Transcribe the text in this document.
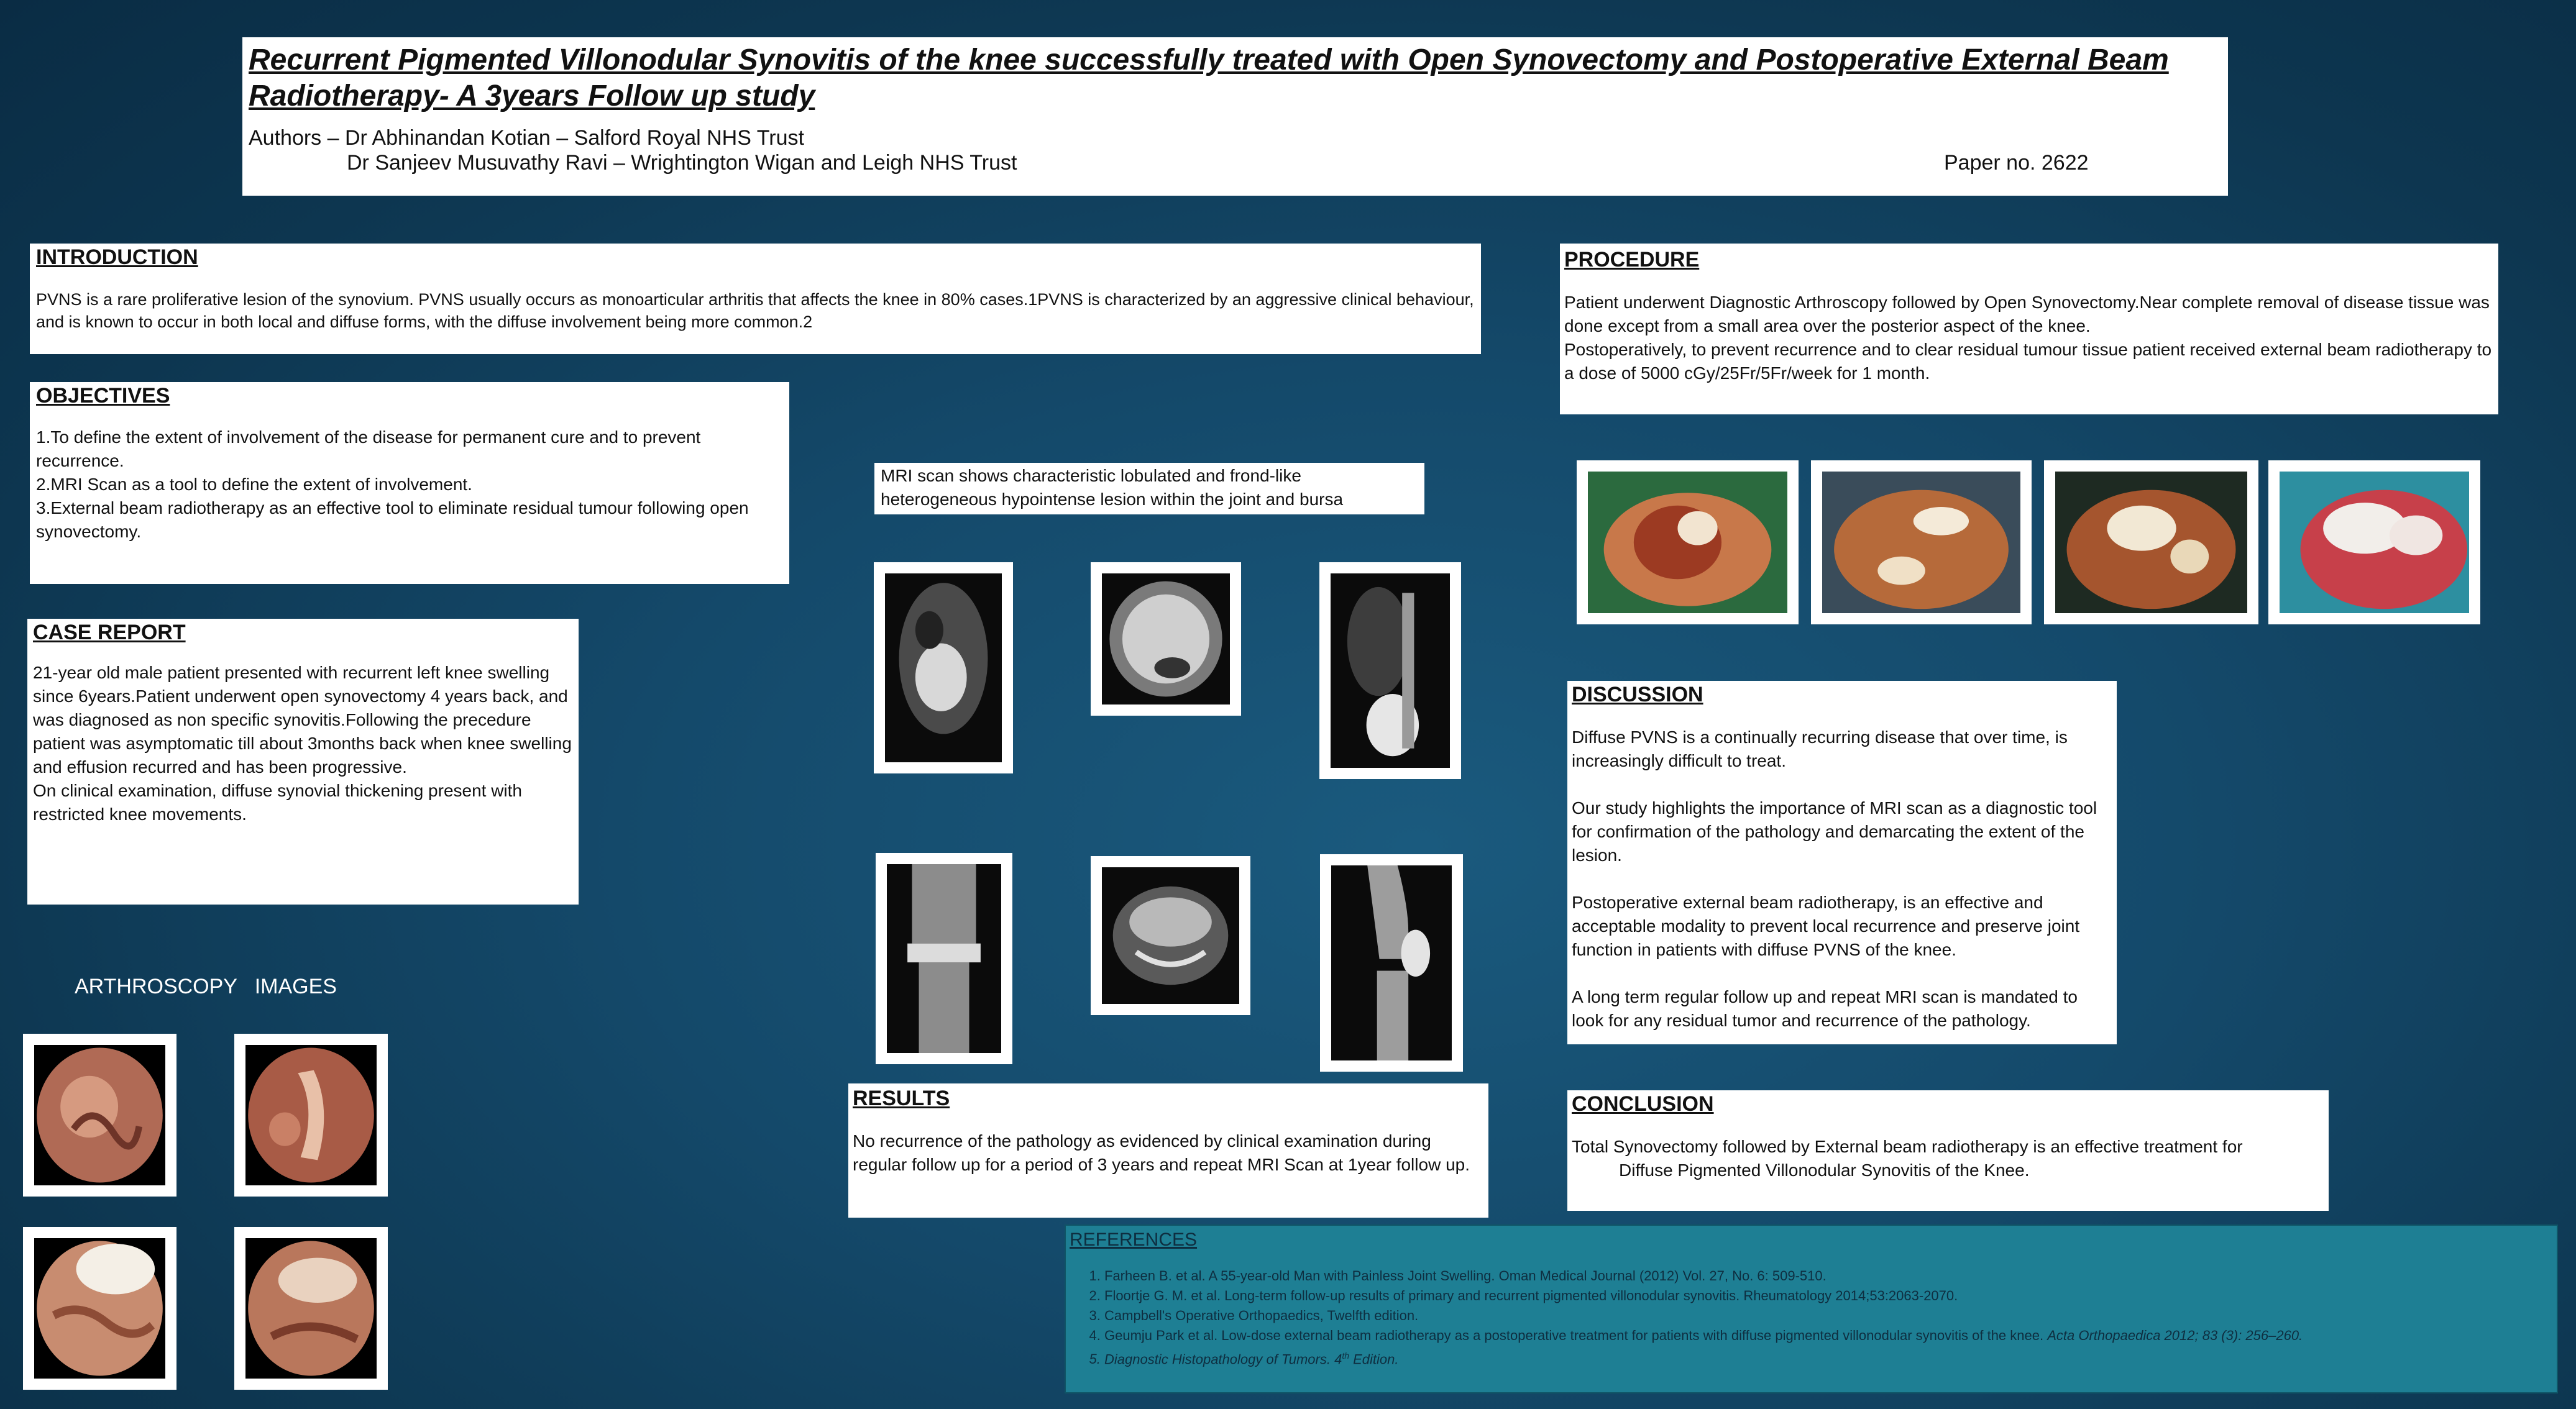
Recurrent Pigmented Villonodular Synovitis of the knee successfully treated with Open Synovectomy and Postoperative External Beam Radiotherapy- A 3years Follow up study
Authors – Dr Abhinandan Kotian – Salford Royal NHS Trust
Dr Sanjeev Musuvathy Ravi – Wrightington Wigan and Leigh NHS Trust	Paper no. 2622
INTRODUCTION
PVNS is a rare proliferative lesion of the synovium. PVNS usually occurs as monoarticular arthritis that affects the knee in 80% cases.1PVNS is characterized by an aggressive clinical behaviour, and is known to occur in both local and diffuse forms, with the diffuse involvement being more common.2
OBJECTIVES
1.To define the extent of involvement of the disease for permanent cure and to prevent recurrence.
2.MRI Scan as a tool to define the extent of involvement.
3.External beam radiotherapy as an effective tool to eliminate residual tumour following open synovectomy.
CASE REPORT
21-year old male patient presented with recurrent left knee swelling since 6years.Patient underwent open synovectomy 4 years back, and was diagnosed as non specific synovitis.Following the precedure patient was asymptomatic till about 3months back when knee swelling and effusion recurred and has been progressive.
On clinical examination, diffuse synovial thickening present with restricted knee movements.
ARTHROSCOPY   IMAGES
MRI scan shows characteristic lobulated and frond-like heterogeneous hypointense lesion within the joint and bursa
RESULTS
No recurrence of the pathology as evidenced by clinical examination during regular follow up for a period of 3 years and repeat MRI Scan at 1year follow up.
PROCEDURE
Patient underwent Diagnostic Arthroscopy followed by Open Synovectomy.Near complete removal of disease tissue was done except from a small area over the posterior aspect of the knee.
Postoperatively, to prevent recurrence and to clear residual tumour tissue patient received external beam radiotherapy to a dose of 5000 cGy/25Fr/5Fr/week for 1 month.
DISCUSSION
Diffuse PVNS is a continually recurring disease that over time, is increasingly difficult to treat.

Our study highlights the importance of MRI scan as a diagnostic tool for confirmation of the pathology and demarcating the extent of the lesion.

Postoperative external beam radiotherapy, is an effective and acceptable modality to prevent local recurrence and preserve joint function in patients with diffuse PVNS of the knee.

A long term regular follow up and repeat MRI scan is mandated to look for any residual tumor and recurrence of the pathology.
CONCLUSION
Total Synovectomy followed by External beam radiotherapy is an effective treatment for
Diffuse Pigmented Villonodular Synovitis of the Knee.
REFERENCES
1. Farheen B. et al. A 55-year-old Man with Painless Joint Swelling. Oman Medical Journal (2012) Vol. 27, No. 6: 509-510.
2. Floortje G. M. et al. Long-term follow-up results of primary and recurrent pigmented villonodular synovitis. Rheumatology 2014;53:2063-2070.
3. Campbell's Operative Orthopaedics, Twelfth edition.
4. Geumju Park et al. Low-dose external beam radiotherapy as a postoperative treatment for patients with diffuse pigmented villonodular synovitis of the knee. Acta Orthopaedica 2012; 83 (3): 256–260.
5. Diagnostic Histopathology of Tumors. 4th Edition.
